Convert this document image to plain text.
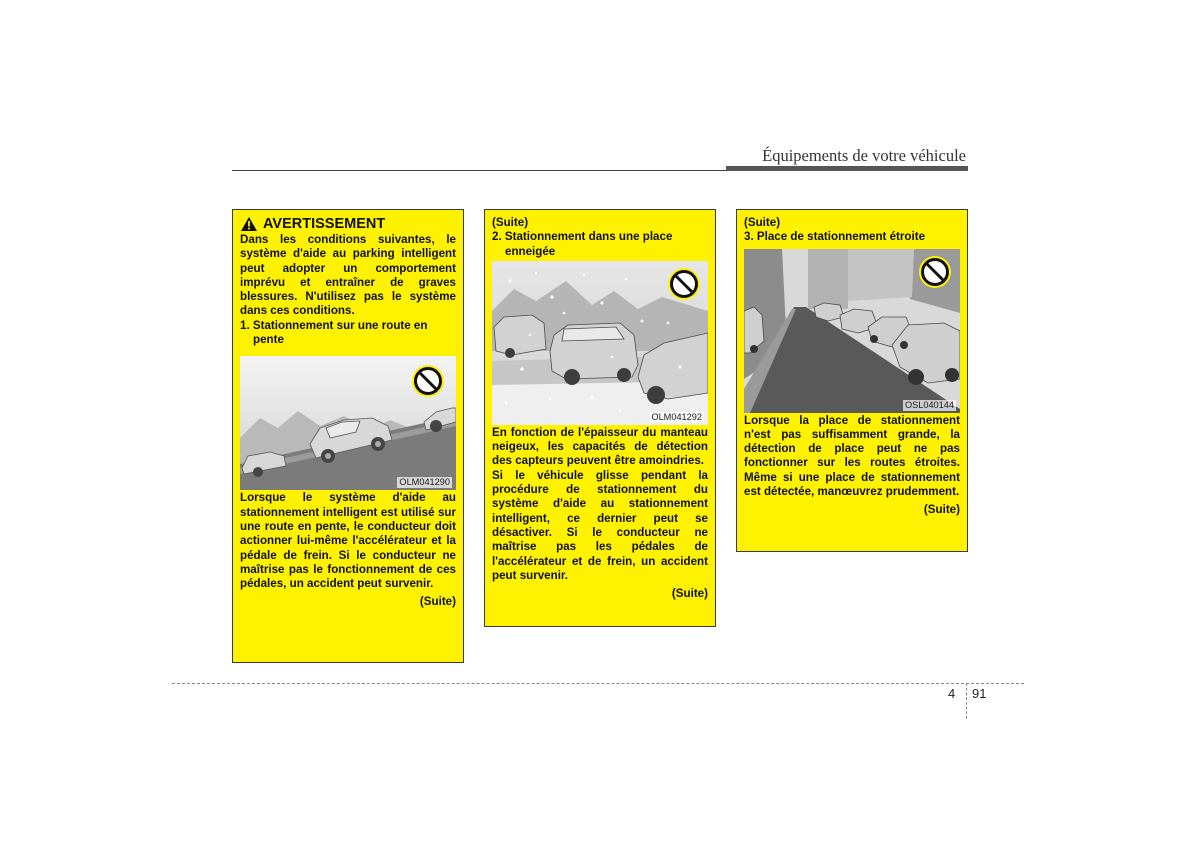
Équipements de votre véhicule
AVERTISSEMENT

Dans les conditions suivantes, le système d'aide au parking intelligent peut adopter un comportement imprévu et entraîner de graves blessures. N'utilisez pas le système dans ces conditions.

1. Stationnement sur une route en pente

OLM041290

Lorsque le système d'aide au stationnement intelligent est utilisé sur une route en pente, le conducteur doit actionner lui-même l'accélérateur et la pédale de frein. Si le conducteur ne maîtrise pas le fonctionnement de ces pédales, un accident peut survenir.

(Suite)

(Suite)

2. Stationnement dans une place enneigée

OLM041292

En fonction de l'épaisseur du manteau neigeux, les capacités de détection des capteurs peuvent être amoindries.

Si le véhicule glisse pendant la procédure de stationnement du système d'aide au stationnement intelligent, ce dernier peut se désactiver. Si le conducteur ne maîtrise pas les pédales de l'accélérateur et de frein, un accident peut survenir.

(Suite)

(Suite)

3. Place de stationnement étroite

OSL040144

Lorsque la place de stationnement n'est pas suffisamment grande, la détection de place peut ne pas fonctionner sur les routes étroites. Même si une place de stationnement est détectée, manœuvrez prudemment.

(Suite)

4 91
